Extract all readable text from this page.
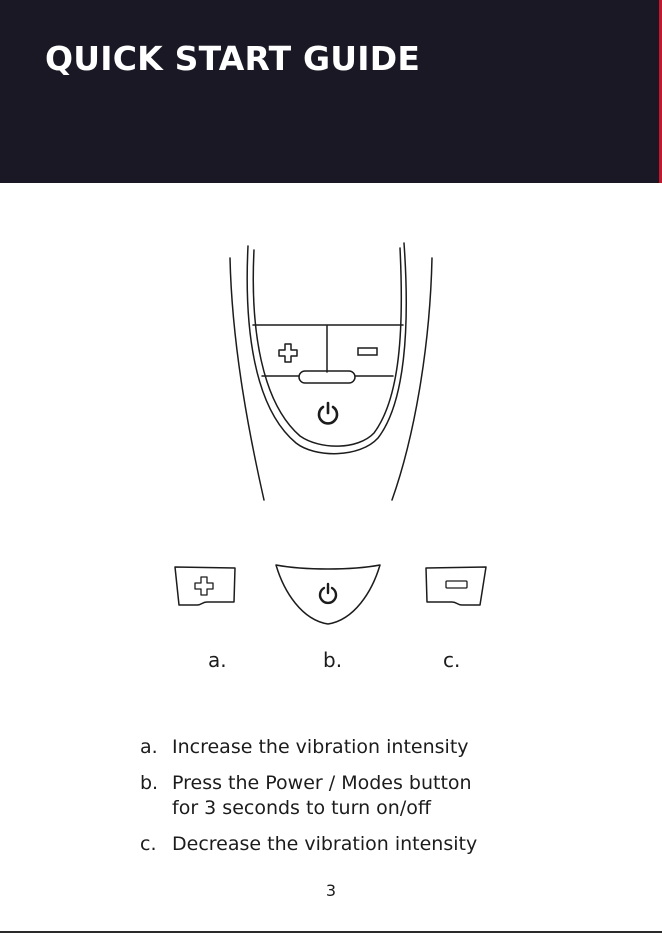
QUICK START GUIDE
a.	b.	c.
a. Increase the vibration intensity
b. Press the Power / Modes button
for 3 seconds to turn on/off
c. Decrease the vibration intensity
3
